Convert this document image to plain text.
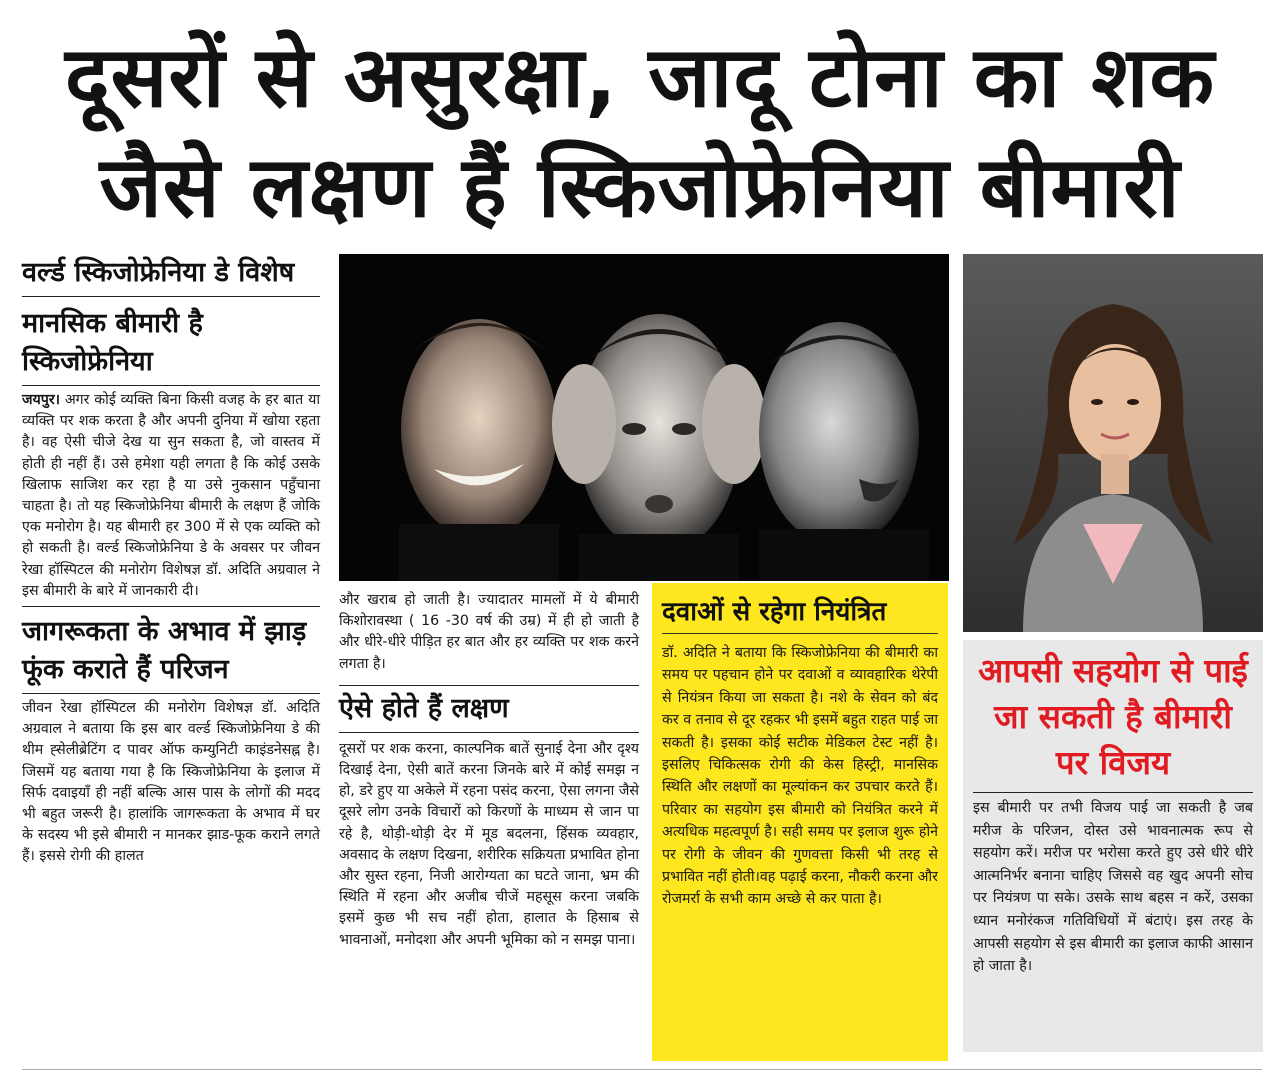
दूसरों से असुरक्षा, जादू टोना का शक
जैसे लक्षण हैं स्किजोफ्रेनिया बीमारी
वर्ल्ड स्किजोफ्रेनिया डे विशेष
मानसिक बीमारी है स्किजोफ्रेनिया

जयपुर। अगर कोई व्यक्ति बिना किसी वजह के हर बात या व्यक्ति पर शक करता है और अपनी दुनिया में खोया रहता है। वह ऐसी चीजे देख या सुन सकता है, जो वास्तव में होती ही नहीं हैं। उसे हमेशा यही लगता है कि कोई उसके खिलाफ साजिश कर रहा है या उसे नुकसान पहुँचाना चाहता है। तो यह स्किजोफ्रेनिया बीमारी के लक्षण हैं जोकि एक मनोरोग है। यह बीमारी हर 300 में से एक व्यक्ति को हो सकती है। वर्ल्ड स्किजोफ्रेनिया डे के अवसर पर जीवन रेखा हॉस्पिटल की मनोरोग विशेषज्ञ डॉ. अदिति अग्रवाल ने इस बीमारी के बारे में जानकारी दी।

जागरूकता के अभाव में झाड़ फूंक कराते हैं परिजन

जीवन रेखा हॉस्पिटल की मनोरोग विशेषज्ञ डॉ. अदिति अग्रवाल ने बताया कि इस बार वर्ल्ड स्किजोफ्रेनिया डे की थीम ह्सेलीब्रेटिंग द पावर ऑफ कम्युनिटी काइंडनेसह्न है। जिसमें यह बताया गया है कि स्किजोफ्रेनिया के इलाज में सिर्फ दवाइयाँ ही नहीं बल्कि आस पास के लोगों की मदद भी बहुत जरूरी है। हालांकि जागरूकता के अभाव में घर के सदस्य भी इसे बीमारी न मानकर झाड-फूक कराने लगते हैं। इससे रोगी की हालत

और खराब हो जाती है। ज्यादातर मामलों में ये बीमारी किशोरावस्था ( 16 -30 वर्ष की उम्र) में ही हो जाती है और धीरे-धीरे पीड़ित हर बात और हर व्यक्ति पर शक करने लगता है।

ऐसे होते हैं लक्षण

दूसरों पर शक करना, काल्पनिक बातें सुनाई देना और दृश्य दिखाई देना, ऐसी बातें करना जिनके बारे में कोई समझ न हो, डरे हुए या अकेले में रहना पसंद करना, ऐसा लगना जैसे दूसरे लोग उनके विचारों को किरणों के माध्यम से जान पा रहे है, थोड़ी-थोड़ी देर में मूड बदलना, हिंसक व्यवहार, अवसाद के लक्षण दिखना, शरीरिक सक्रियता प्रभावित होना और सुस्त रहना, निजी आरोग्यता का घटते जाना, भ्रम की स्थिति में रहना और अजीब चीजें महसूस करना जबकि इसमें कुछ भी सच नहीं होता, हालात के हिसाब से भावनाओं, मनोदशा और अपनी भूमिका को न समझ पाना।

दवाओं से रहेगा नियंत्रित

डॉ. अदिति ने बताया कि स्किजोफ्रेनिया की बीमारी का समय पर पहचान होने पर दवाओं व व्यावहारिक थेरेपी से नियंत्रन किया जा सकता है। नशे के सेवन को बंद कर व तनाव से दूर रहकर भी इसमें बहुत राहत पाई जा सकती है। इसका कोई सटीक मेडिकल टेस्ट नहीं है। इसलिए चिकित्सक रोगी की केस हिस्ट्री, मानसिक स्थिति और लक्षणों का मूल्यांकन कर उपचार करते हैं। परिवार का सहयोग इस बीमारी को नियंत्रित करने में अत्यधिक महत्वपूर्ण है। सही समय पर इलाज शुरू होने पर रोगी के जीवन की गुणवत्ता किसी भी तरह से प्रभावित नहीं होती।वह पढ़ाई करना, नौकरी करना और रोजमर्रा के सभी काम अच्छे से कर पाता है।

आपसी सहयोग से पाई जा सकती है बीमारी पर विजय

इस बीमारी पर तभी विजय पाई जा सकती है जब मरीज के परिजन, दोस्त उसे भावनात्मक रूप से सहयोग करें। मरीज पर भरोसा करते हुए उसे धीरे धीरे आत्मनिर्भर बनाना चाहिए जिससे वह खुद अपनी सोच पर नियंत्रण पा सके। उसके साथ बहस न करें, उसका ध्यान मनोरंकज गतिविधियों में बंटाएं। इस तरह के आपसी सहयोग से इस बीमारी का इलाज काफी आसान हो जाता है।
